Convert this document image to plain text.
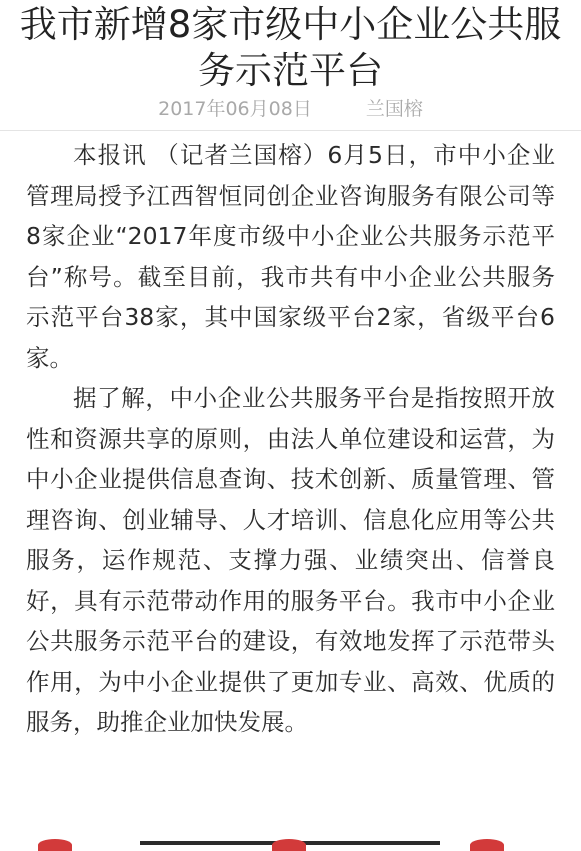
我市新增8家市级中小企业公共服务示范平台
2017年06月08日	兰国榕

本报讯 （记者兰国榕）6月5日，市中小企业管理局授予江西智恒同创企业咨询服务有限公司等8家企业“2017年度市级中小企业公共服务示范平台”称号。截至目前，我市共有中小企业公共服务示范平台38家，其中国家级平台2家，省级平台6家。

据了解，中小企业公共服务平台是指按照开放性和资源共享的原则，由法人单位建设和运营，为中小企业提供信息查询、技术创新、质量管理、管理咨询、创业辅导、人才培训、信息化应用等公共服务，运作规范、支撑力强、业绩突出、信誉良好，具有示范带动作用的服务平台。我市中小企业公共服务示范平台的建设，有效地发挥了示范带头作用，为中小企业提供了更加专业、高效、优质的服务，助推企业加快发展。
